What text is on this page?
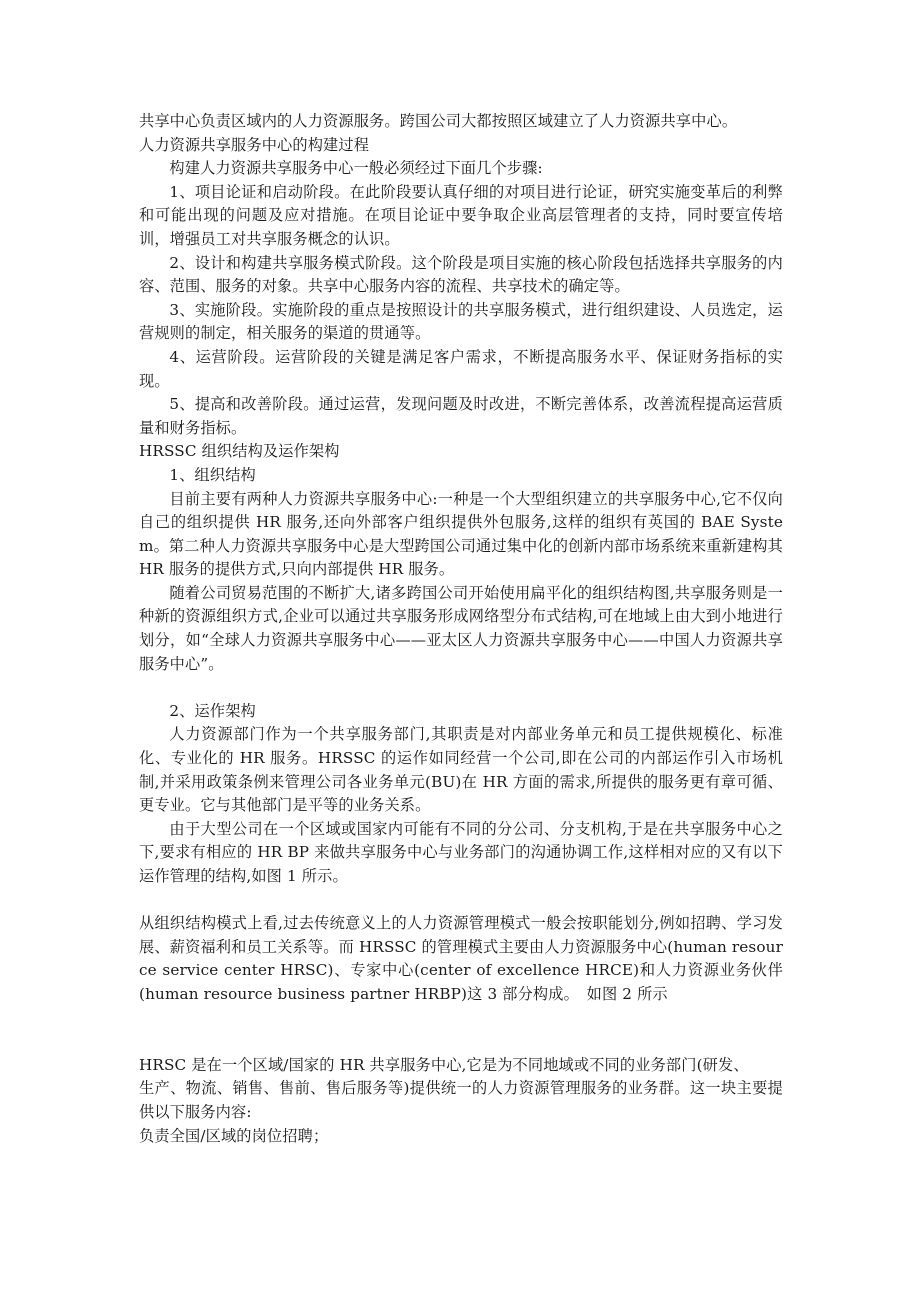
共享中心负责区域内的人力资源服务。跨国公司大都按照区域建立了人力资源共享中心。

人力资源共享服务中心的构建过程

构建人力资源共享服务中心一般必须经过下面几个步骤:

1、项目论证和启动阶段。在此阶段要认真仔细的对项目进行论证，研究实施变革后的利弊和可能出现的问题及应对措施。在项目论证中要争取企业高层管理者的支持，同时要宣传培训，增强员工对共享服务概念的认识。

2、设计和构建共享服务模式阶段。这个阶段是项目实施的核心阶段包括选择共享服务的内容、范围、服务的对象。共享中心服务内容的流程、共享技术的确定等。

3、实施阶段。实施阶段的重点是按照设计的共享服务模式，进行组织建设、人员选定，运营规则的制定，相关服务的渠道的贯通等。

4、运营阶段。运营阶段的关键是满足客户需求，不断提高服务水平、保证财务指标的实现。

5、提高和改善阶段。通过运营，发现问题及时改进，不断完善体系，改善流程提高运营质量和财务指标。

HRSSC 组织结构及运作架构

1、组织结构

目前主要有两种人力资源共享服务中心:一种是一个大型组织建立的共享服务中心,它不仅向自己的组织提供 HR 服务,还向外部客户组织提供外包服务,这样的组织有英国的 BAE System。第二种人力资源共享服务中心是大型跨国公司通过集中化的创新内部市场系统来重新建构其 HR 服务的提供方式,只向内部提供 HR 服务。

随着公司贸易范围的不断扩大,诸多跨国公司开始使用扁平化的组织结构图,共享服务则是一种新的资源组织方式,企业可以通过共享服务形成网络型分布式结构,可在地域上由大到小地进行划分，如“全球人力资源共享服务中心——亚太区人力资源共享服务中心——中国人力资源共享服务中心”。

2、运作架构

人力资源部门作为一个共享服务部门,其职责是对内部业务单元和员工提供规模化、标准化、专业化的 HR 服务。HRSSC 的运作如同经营一个公司,即在公司的内部运作引入市场机制,并采用政策条例来管理公司各业务单元(BU)在 HR 方面的需求,所提供的服务更有章可循、更专业。它与其他部门是平等的业务关系。

由于大型公司在一个区域或国家内可能有不同的分公司、分支机构,于是在共享服务中心之下,要求有相应的 HR BP 来做共享服务中心与业务部门的沟通协调工作,这样相对应的又有以下运作管理的结构,如图 1 所示。

从组织结构模式上看,过去传统意义上的人力资源管理模式一般会按职能划分,例如招聘、学习发展、薪资福利和员工关系等。而 HRSSC 的管理模式主要由人力资源服务中心(human resource service center HRSC)、专家中心(center of excellence HRCE)和人力资源业务伙伴(human resource business partner HRBP)这 3 部分构成。　如图 2 所示

HRSC 是在一个区域/国家的 HR 共享服务中心,它是为不同地域或不同的业务部门(研发、

生产、物流、销售、售前、售后服务等)提供统一的人力资源管理服务的业务群。这一块主要提供以下服务内容:

负责全国/区域的岗位招聘；
